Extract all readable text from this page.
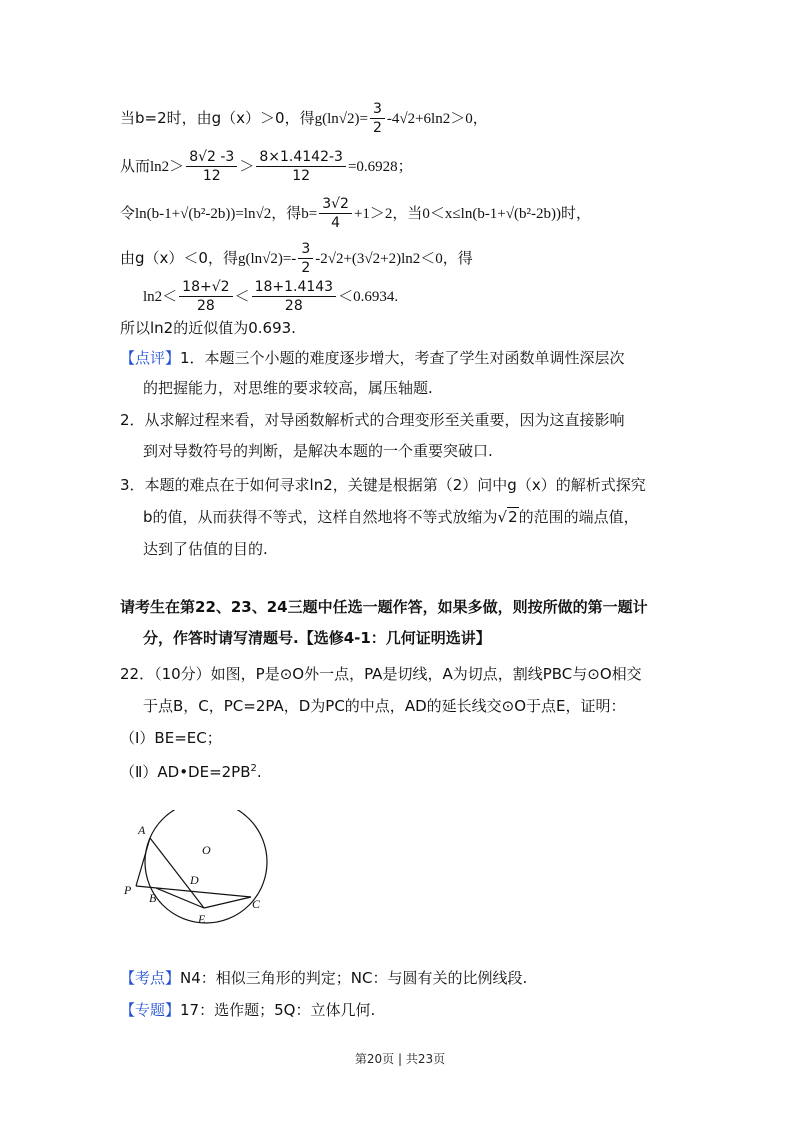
当b=2时，由g（x）＞0，得$g(\ln√2)= \frac{3}{2} -4√2+6\ln 2>0$，
从而$\ln 2> \frac{8√2 -3}{12} > \frac{8\times 1.4142-3}{12} =0.6928$；
令ln(b-1+√(b²-2b))=ln√2，得$b= \frac{3√2}{4} +1>2$，当0＜x≤ln(b-1+√(b²-2b))时，
由g（x）＜0，得$g(\ln√2)=- \frac{3}{2} -2√2+(3√2+2)\ln 2<0$，得
$\ln 2< \frac{18+√2}{28} < \frac{18+1.4143}{28} <0.6934$.
所以ln2的近似值为0.693.
【点评】1．本题三个小题的难度逐步增大，考查了学生对函数单调性深层次
的把握能力，对思维的要求较高，属压轴题.
2．从求解过程来看，对导函数解析式的合理变形至关重要，因为这直接影响
到对导数符号的判断，是解决本题的一个重要突破口.
3．本题的难点在于如何寻求ln2，关键是根据第（2）问中g（x）的解析式探究
b的值，从而获得不等式，这样自然地将不等式放缩为√2的范围的端点值，
达到了估值的目的.
请考生在第22、23、24三题中任选一题作答，如果多做，则按所做的第一题计
分，作答时请写清题号.【选修4-1：几何证明选讲】
22．（10分）如图，P是⊙O外一点，PA是切线，A为切点，割线PBC与⊙O相交
于点B，C，PC=2PA，D为PC的中点，AD的延长线交⊙O于点E，证明：
（Ⅰ）BE=EC；
$(Ⅱ)AD•DE=2PB^2$.
A
O
D
P
B
E
C
【考点】N4：相似三角形的判定；NC：与圆有关的比例线段.
【专题】17：选作题；5Q：立体几何.
第20页 | 共23页
